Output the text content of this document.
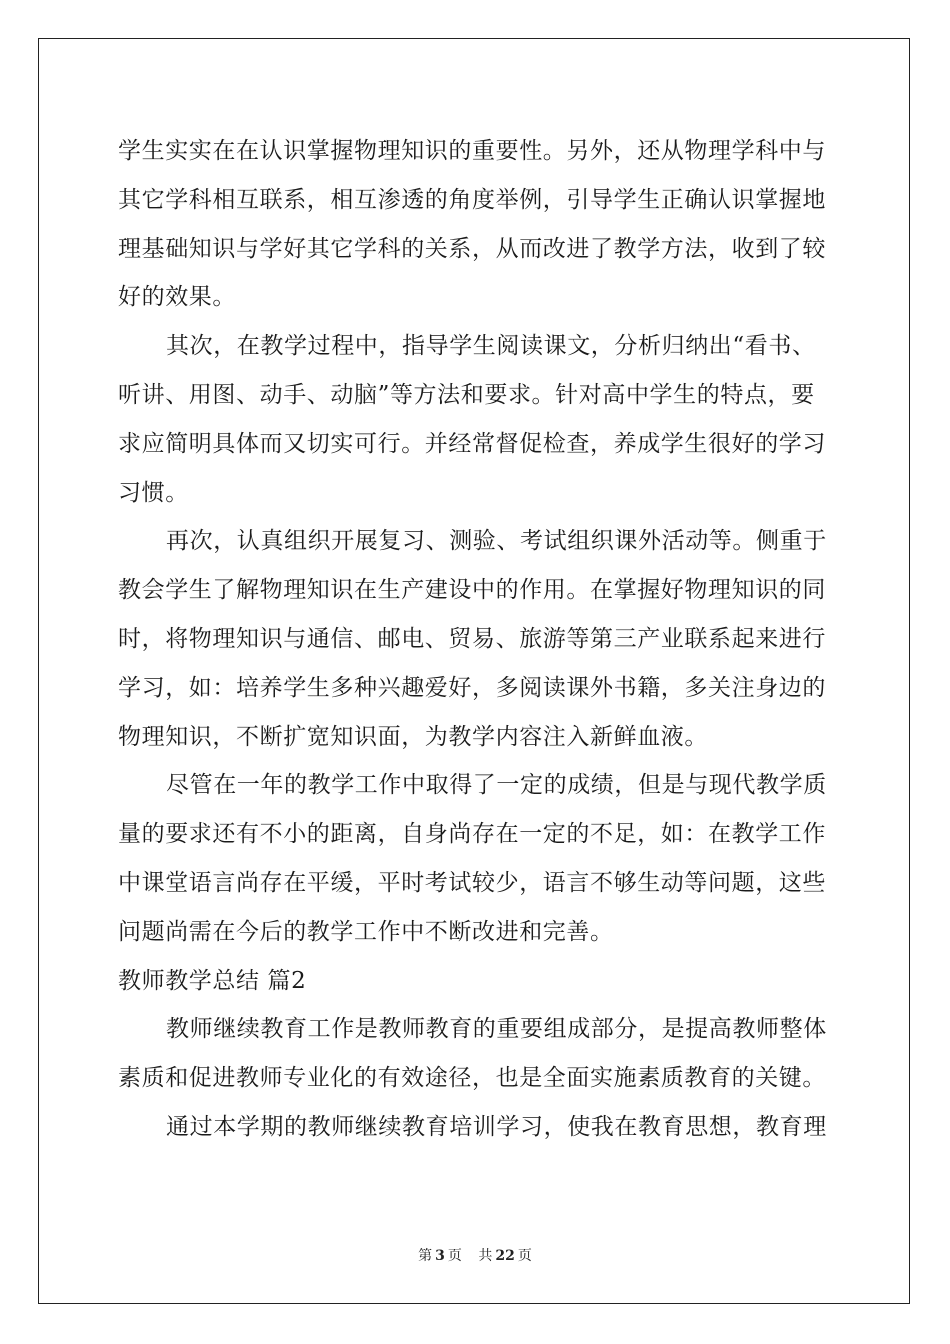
学生实实在在认识掌握物理知识的重要性。另外，还从物理学科中与
其它学科相互联系，相互渗透的角度举例，引导学生正确认识掌握地
理基础知识与学好其它学科的关系，从而改进了教学方法，收到了较
好的效果。
其次，在教学过程中，指导学生阅读课文，分析归纳出“看书、
听讲、用图、动手、动脑”等方法和要求。针对高中学生的特点，要
求应简明具体而又切实可行。并经常督促检查，养成学生很好的学习
习惯。
再次，认真组织开展复习、测验、考试组织课外活动等。侧重于
教会学生了解物理知识在生产建设中的作用。在掌握好物理知识的同
时，将物理知识与通信、邮电、贸易、旅游等第三产业联系起来进行
学习，如：培养学生多种兴趣爱好，多阅读课外书籍，多关注身边的
物理知识，不断扩宽知识面，为教学内容注入新鲜血液。
尽管在一年的教学工作中取得了一定的成绩，但是与现代教学质
量的要求还有不小的距离，自身尚存在一定的不足，如：在教学工作
中课堂语言尚存在平缓，平时考试较少，语言不够生动等问题，这些
问题尚需在今后的教学工作中不断改进和完善。
教师教学总结 篇2
教师继续教育工作是教师教育的重要组成部分，是提高教师整体
素质和促进教师专业化的有效途径，也是全面实施素质教育的关键。
通过本学期的教师继续教育培训学习，使我在教育思想，教育理
第 3 页 共 22 页
